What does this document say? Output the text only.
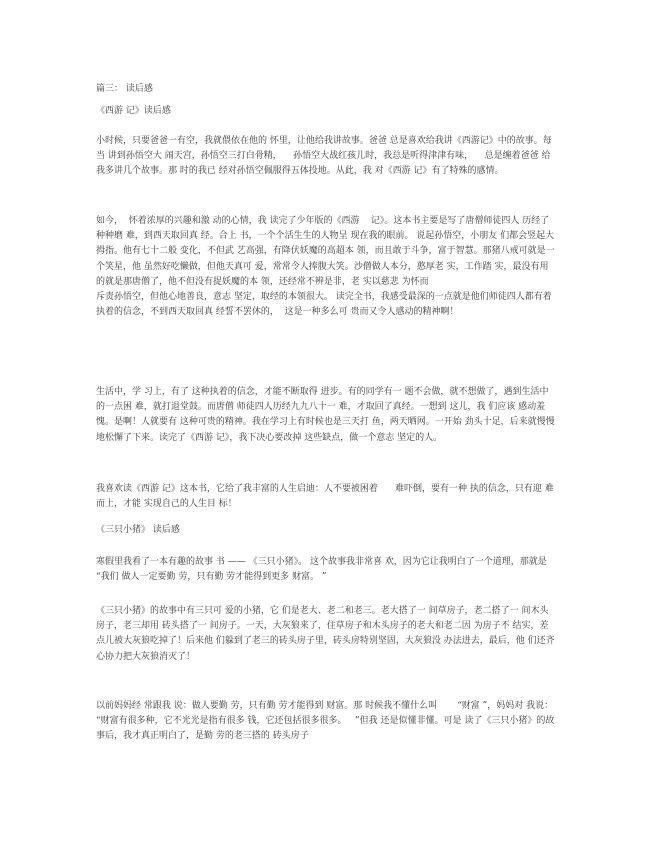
篇三： 读后感
《西游 记》读后感
小时候，只要爸爸一有空，我就偎依在他的 怀里，让他给我讲故事。爸爸 总是喜欢给我讲《西游记》中的故事。每当 讲到孙悟空大 闹天宫，孙悟空三打白骨精，    孙悟空大战红孩儿时，我总是听得津津有味，    总是缠着爸爸 给我多讲几个故事。那 时的我已 经对孙悟空佩服得五体投地。从此，我 对《西游 记》有了特殊的感情。
如今，  怀着浓厚的兴趣和激 动的心情，我 读完了少年版的《西游    记》。这本书主要是写了唐僧师徒四人 历经了种种磨 难，到西天取回真 经。合上 书，一个个活生生的人物呈 现在我的眼前。 说起孙悟空，小朋友 们都会竖起大拇指。他有七十二般 变化，不但武 艺高强，有降伏妖魔的高超本 领，而且敢于斗争，富于智慧。那猪八戒可就是一个笑星，他 虽然好吃懒做，但他天真可 爱，常常令人捧腹大笑。沙僧做人本分，憨厚老 实，工作踏 实，最没有用的就是那唐僧了，他不但没有捉妖魔的本 领，还经常不辨是非，老 实以慈悲 为怀而
斥责孙悟空，但他心地善良，意志 坚定，取经的本领很大。 读完全书，我感受最深的一点就是他们师徒四人都有着 执着的信念，不到西天取回真 经誓不罢休的，  这是一种多么可 贵而又令人感动的精神啊！
生活中，学 习上，有了 这种执着的信念，才能不断取得 进步。有的同学有一 题不会做，就不想做了，遇到生活中的一点困 难，就打退堂鼓。而唐僧 师徒四人历经九九八十一 难，才取回了真经。一想到 这儿，我 们应该 感动羞愧。是啊！人就要有 这种可贵的精神。我在学习上有时候也是三天打 鱼，两天晒网。一开始 劲头十足，后来就慢慢地松懈了下来。读完了《西游 记》，我下决心要改掉 这些缺点，做一个意志 坚定的人。
我喜欢读《西游 记》这本书，它给了我丰富的人生启迪：人不要被困着      难吓倒，要有一种 执的信念，只有迎 难而上，才能 实现自己的人生目 标！
《三只小猪》 读后感
寒假里我看了一本有趣的故事 书 —— 《三只小猪》。 这个故事我非常喜 欢，因为它让我明白了一个道理，那就是 “我们 做人一定要勤 劳，只有勤 劳才能得到更多 财富。 ”
《三只小猪》的故事中有三只可 爱的小猪，它 们是老大、老二和老三。老大搭了一 间草房子，老二搭了一 间木头房子，老三却用 砖头搭了一 间房子。一天，大灰狼来了，住草房子和木头房子的老大和老二因 为房子不 结实，差点儿被大灰狼吃掉了！后来他 们躲到了老三的砖头房子里，砖头房特别坚固，大灰狼没 办法进去，最后，他 们还齐 心协力把大灰狼消灭了！
以前妈妈经 常跟我 说：做人要勤 劳，只有勤 劳才能得到 财富。那 时候我不懂什么叫       “财富 ”，妈妈对 我说：  “财富有很多种，它不光光是指有很多 钱，它还包括很多很多。   ”但我 还是似懂非懂。可是 读了《三只小猪》的故事后，我才真正明白了，是勤 劳的老三搭的 砖头房子
